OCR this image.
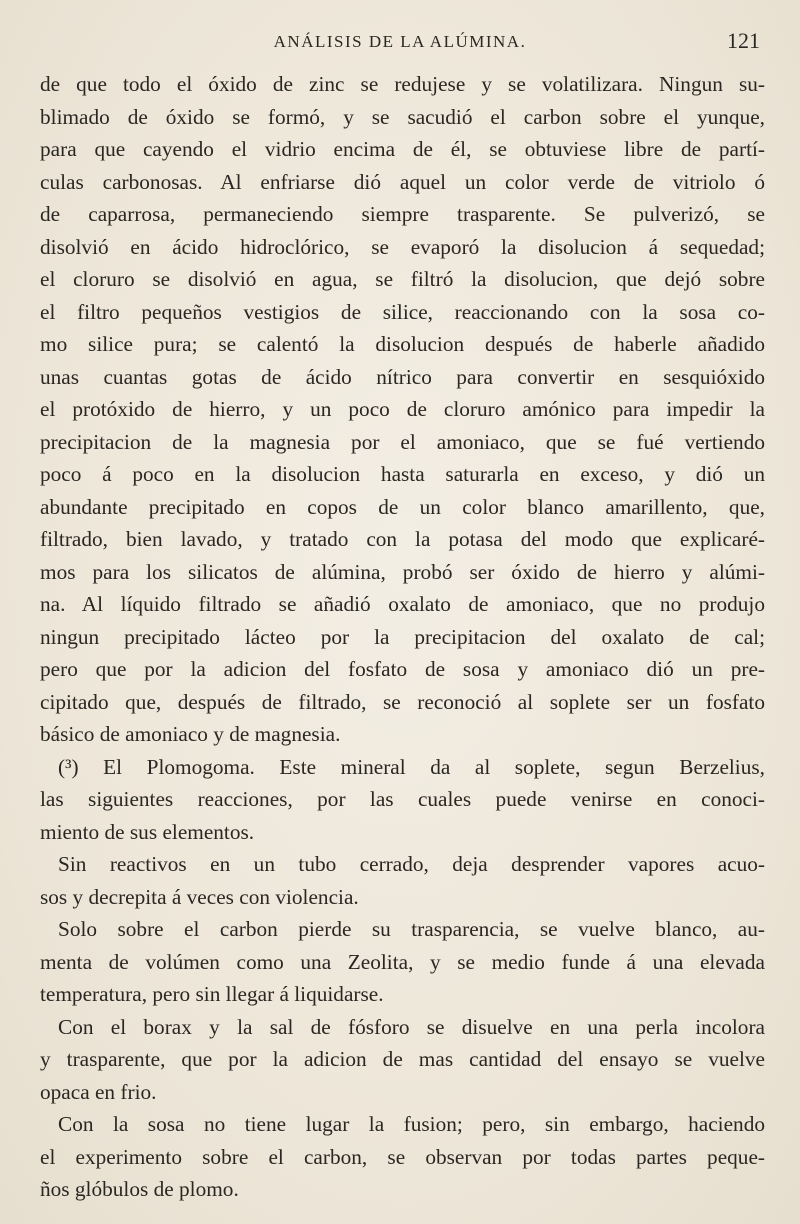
ANÁLISIS DE LA ALÚMINA.	121
de que todo el óxido de zinc se redujese y se volatilizara. Ningun su-
blimado de óxido se formó, y se sacudió el carbon sobre el yunque,
para que cayendo el vidrio encima de él, se obtuviese libre de partí-
culas carbonosas. Al enfriarse dió aquel un color verde de vitriolo ó
de caparrosa, permaneciendo siempre trasparente. Se pulverizó, se
disolvió en ácido hidroclórico, se evaporó la disolucion á sequedad;
el cloruro se disolvió en agua, se filtró la disolucion, que dejó sobre
el filtro pequeños vestigios de silice, reaccionando con la sosa co-
mo silice pura; se calentó la disolucion después de haberle añadido
unas cuantas gotas de ácido nítrico para convertir en sesquióxido
el protóxido de hierro, y un poco de cloruro amónico para impedir la
precipitacion de la magnesia por el amoniaco, que se fué vertiendo
poco á poco en la disolucion hasta saturarla en exceso, y dió un
abundante precipitado en copos de un color blanco amarillento, que,
filtrado, bien lavado, y tratado con la potasa del modo que explicaré-
mos para los silicatos de alúmina, probó ser óxido de hierro y alúmi-
na. Al líquido filtrado se añadió oxalato de amoniaco, que no produjo
ningun precipitado lácteo por la precipitacion del oxalato de cal;
pero que por la adicion del fosfato de sosa y amoniaco dió un pre-
cipitado que, después de filtrado, se reconoció al soplete ser un fosfato
básico de amoniaco y de magnesia.
(³) El Plomogoma. Este mineral da al soplete, segun Berzelius,
las siguientes reacciones, por las cuales puede venirse en conoci-
miento de sus elementos.
Sin reactivos en un tubo cerrado, deja desprender vapores acuo-
sos y decrepita á veces con violencia.
Solo sobre el carbon pierde su trasparencia, se vuelve blanco, au-
menta de volúmen como una Zeolita, y se medio funde á una elevada
temperatura, pero sin llegar á liquidarse.
Con el borax y la sal de fósforo se disuelve en una perla incolora
y trasparente, que por la adicion de mas cantidad del ensayo se vuelve
opaca en frio.
Con la sosa no tiene lugar la fusion; pero, sin embargo, haciendo
el experimento sobre el carbon, se observan por todas partes peque-
ños glóbulos de plomo.
